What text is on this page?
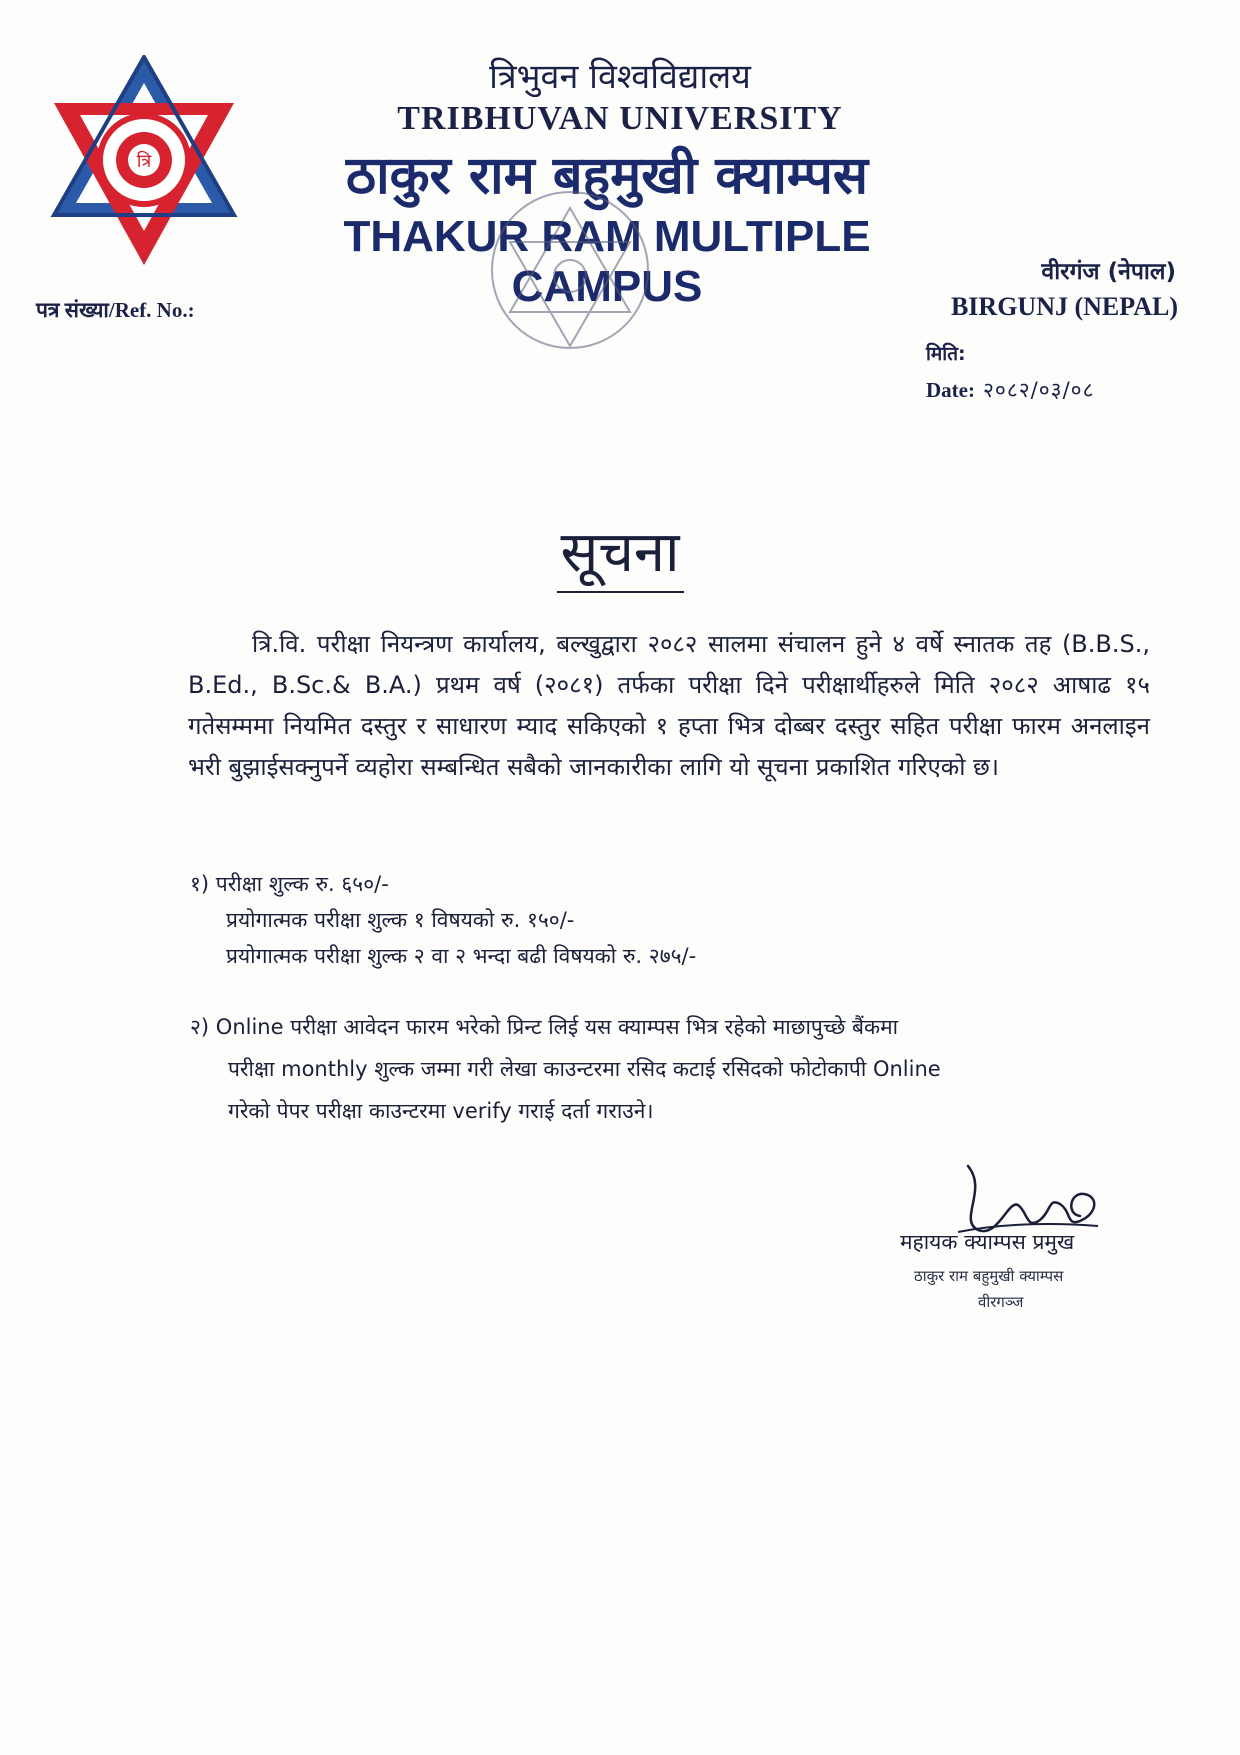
त्रि
त्रिभुवन विश्वविद्यालय
TRIBHUVAN UNIVERSITY
ठाकुर राम बहुमुखी क्याम्पस
THAKUR RAM MULTIPLE CAMPUS
पत्र संख्या/Ref. No.:
वीरगंज (नेपाल)
BIRGUNJ (NEPAL)
मिति:
Date: २०८२/०३/०८
सूचना
त्रि.वि. परीक्षा नियन्त्रण कार्यालय, बल्खुद्वारा २०८२ सालमा संचालन हुने ४ वर्षे स्नातक तह (B.B.S., B.Ed., B.Sc.& B.A.) प्रथम वर्ष (२०८१) तर्फका परीक्षा दिने परीक्षार्थीहरुले मिति २०८२ आषाढ १५ गतेसम्ममा नियमित दस्तुर र साधारण म्याद सकिएको १ हप्ता भित्र दोब्बर दस्तुर सहित परीक्षा फारम अनलाइन भरी बुझाईसक्नुपर्ने व्यहोरा सम्बन्धित सबैको जानकारीका लागि यो सूचना प्रकाशित गरिएको छ।
१) परीक्षा शुल्क रु. ६५०/-
प्रयोगात्मक परीक्षा शुल्क १ विषयको रु. १५०/-
प्रयोगात्मक परीक्षा शुल्क २ वा २ भन्दा बढी विषयको रु. २७५/-
२) Online परीक्षा आवेदन फारम भरेको प्रिन्ट लिई यस क्याम्पस भित्र रहेको माछापुच्छे बैंकमा
परीक्षा monthly शुल्क जम्मा गरी लेखा काउन्टरमा रसिद कटाई रसिदको फोटोकापी Online
गरेको पेपर परीक्षा काउन्टरमा verify गराई दर्ता गराउने।
महायक क्याम्पस प्रमुख
ठाकुर राम बहुमुखी क्याम्पस
वीरगञ्ज
